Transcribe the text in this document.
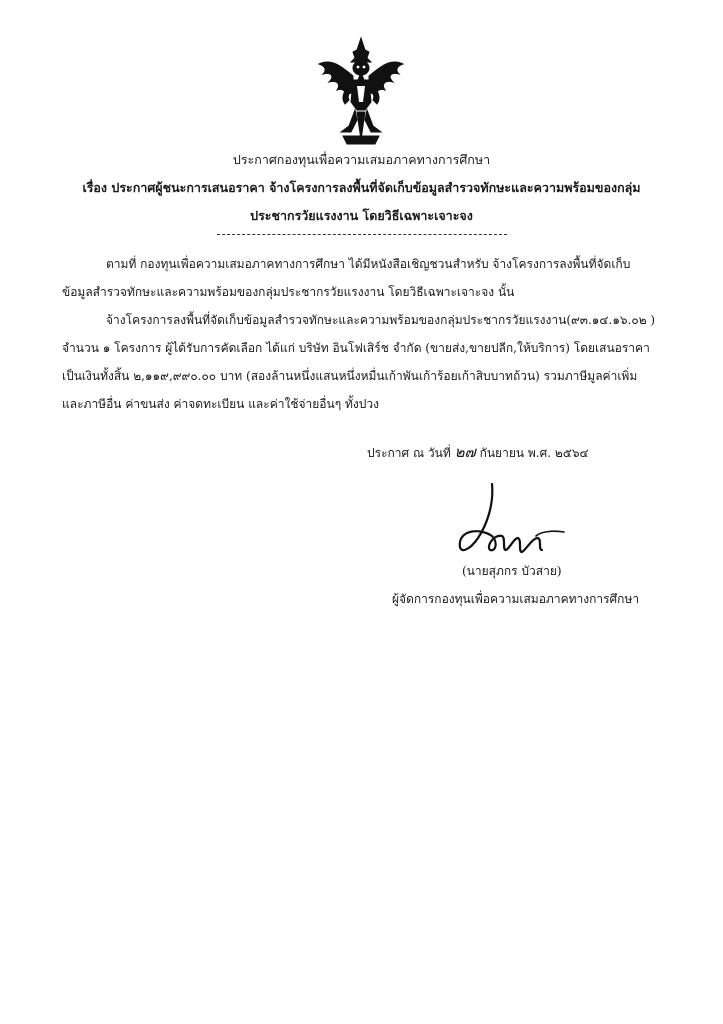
ประกาศกองทุนเพื่อความเสมอภาคทางการศึกษา
เรื่อง ประกาศผู้ชนะการเสนอราคา จ้างโครงการลงพื้นที่จัดเก็บข้อมูลสำรวจทักษะและความพร้อมของกลุ่ม
ประชากรวัยแรงงาน โดยวิธีเฉพาะเจาะจง
ตามที่ กองทุนเพื่อความเสมอภาคทางการศึกษา ได้มีหนังสือเชิญชวนสำหรับ จ้างโครงการลงพื้นที่จัดเก็บ
ข้อมูลสำรวจทักษะและความพร้อมของกลุ่มประชากรวัยแรงงาน โดยวิธีเฉพาะเจาะจง นั้น
จ้างโครงการลงพื้นที่จัดเก็บข้อมูลสำรวจทักษะและความพร้อมของกลุ่มประชากรวัยแรงงาน(๙๓.๑๔.๑๖.๐๒ )
จำนวน ๑ โครงการ ผู้ได้รับการคัดเลือก ได้แก่ บริษัท อินโฟเสิร์ช จำกัด (ขายส่ง,ขายปลีก,ให้บริการ) โดยเสนอราคา
เป็นเงินทั้งสิ้น ๒,๑๑๙,๙๙๐.๐๐ บาท (สองล้านหนึ่งแสนหนึ่งหมื่นเก้าพันเก้าร้อยเก้าสิบบาทถ้วน) รวมภาษีมูลค่าเพิ่ม
และภาษีอื่น ค่าขนส่ง ค่าจดทะเบียน และค่าใช้จ่ายอื่นๆ ทั้งปวง
ประกาศ ณ วันที่ ๒๗ กันยายน พ.ศ. ๒๕๖๔
(นายสุภกร บัวสาย)
ผู้จัดการกองทุนเพื่อความเสมอภาคทางการศึกษา
